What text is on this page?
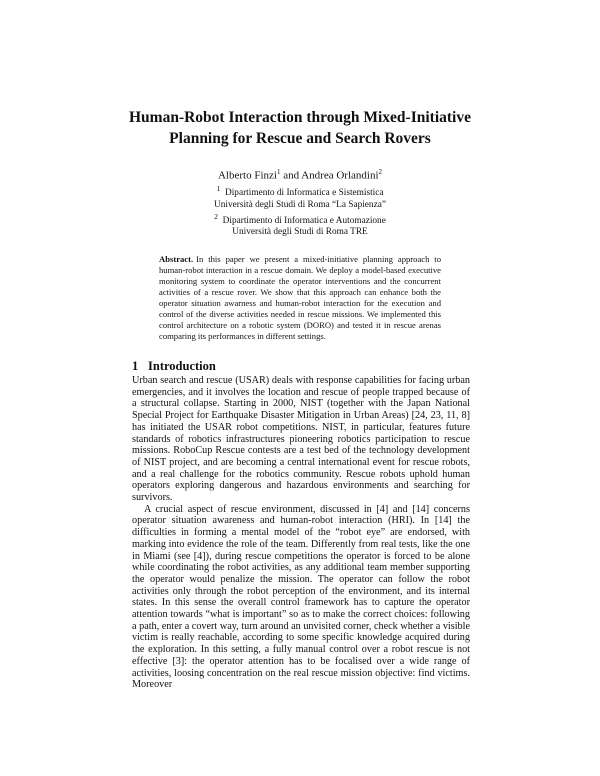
Human-Robot Interaction through Mixed-Initiative
Planning for Rescue and Search Rovers
Alberto Finzi$^1$ and Andrea Orlandini$^2$
$^1$ Dipartimento di Informatica e Sistemistica
Università degli Studi di Roma “La Sapienza”
$^2$ Dipartimento di Informatica e Automazione
Università degli Studi di Roma TRE
Abstract. In this paper we present a mixed-initiative planning approach to human-robot interaction in a rescue domain. We deploy a model-based executive monitoring system to coordinate the operator interventions and the concurrent activities of a rescue rover. We show that this approach can enhance both the operator situation awarness and human-robot interaction for the execution and control of the diverse activities needed in rescue missions. We implemented this control architecture on a robotic system (DORO) and tested it in rescue arenas comparing its performances in different settings.
1 Introduction

Urban search and rescue (USAR) deals with response capabilities for facing urban emergencies, and it involves the location and rescue of people trapped because of a structural collapse. Starting in 2000, NIST (together with the Japan National Special Project for Earthquake Disaster Mitigation in Urban Areas) [24, 23, 11, 8] has initiated the USAR robot competitions. NIST, in particular, features future standards of robotics infrastructures pioneering robotics participation to rescue missions. RoboCup Rescue contests are a test bed of the technology development of NIST project, and are becoming a central international event for rescue robots, and a real challenge for the robotics community. Rescue robots uphold human operators exploring dangerous and hazardous environments and searching for survivors.

A crucial aspect of rescue environment, discussed in [4] and [14] concerns operator situation awareness and human-robot interaction (HRI). In [14] the difficulties in forming a mental model of the “robot eye” are endorsed, with marking into evidence the role of the team. Differently from real tests, like the one in Miami (see [4]), during rescue competitions the operator is forced to be alone while coordinating the robot activities, as any additional team member supporting the operator would penalize the mission. The operator can follow the robot activities only through the robot perception of the environment, and its internal states. In this sense the overall control framework has to capture the operator attention towards “what is important” so as to make the correct choices: following a path, enter a covert way, turn around an unvisited corner, check whether a visible victim is really reachable, according to some specific knowledge acquired during the exploration. In this setting, a fully manual control over a robot rescue is not effective [3]: the operator attention has to be focalised over a wide range of activities, loosing concentration on the real rescue mission objective: find victims. Moreover
